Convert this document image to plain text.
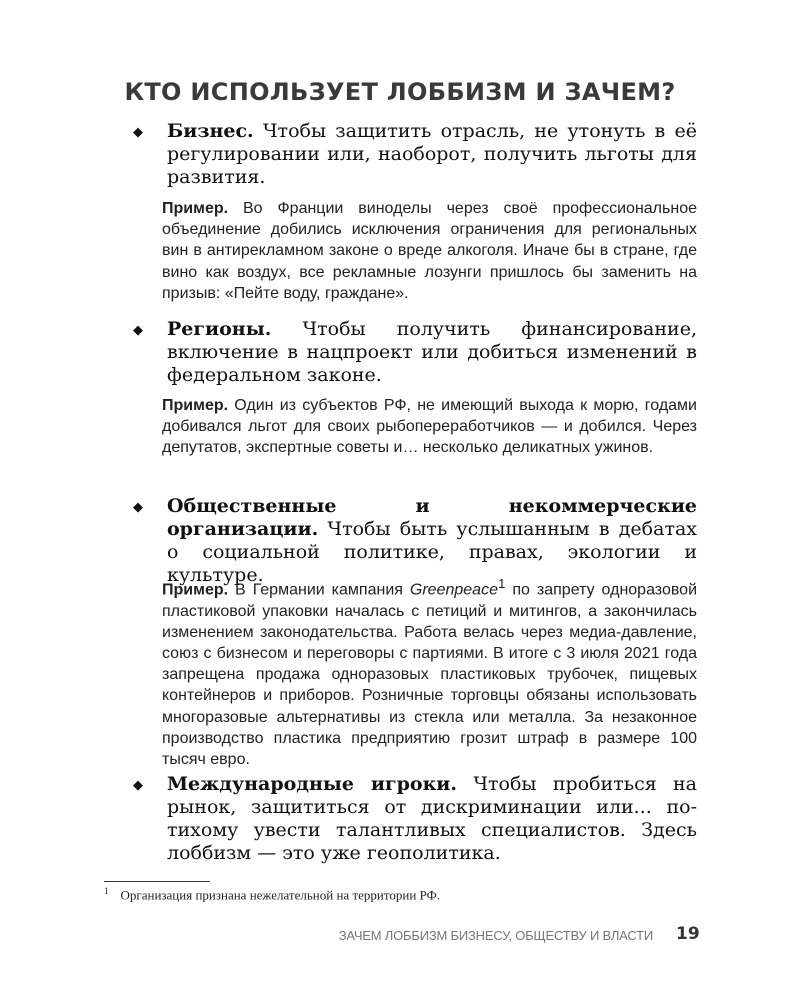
КТО ИСПОЛЬЗУЕТ ЛОББИЗМ И ЗАЧЕМ?
◆ Бизнес. Чтобы защитить отрасль, не утонуть в её регулировании или, наоборот, получить льготы для развития.

Пример. Во Франции виноделы через своё профессиональное объединение добились исключения ограничения для региональных вин в антирекламном законе о вреде алкоголя. Иначе бы в стране, где вино как воздух, все рекламные лозунги пришлось бы заменить на призыв: «Пейте воду, граждане».

◆ Регионы. Чтобы получить финансирование, включение в нацпроект или добиться изменений в федеральном законе.

Пример. Один из субъектов РФ, не имеющий выхода к морю, годами добивался льгот для своих рыбопереработчиков — и добился. Через депутатов, экспертные советы и… несколько деликатных ужинов.

◆ Общественные и некоммерческие организации. Чтобы быть услышанным в дебатах о социальной политике, правах, экологии и культуре.

Пример. В Германии кампания Greenpeace$^1$ по запрету одноразовой пластиковой упаковки началась с петиций и митингов, а закончилась изменением законодательства. Работа велась через медиа-давление, союз с бизнесом и переговоры с партиями. В итоге с 3 июля 2021 года запрещена продажа одноразовых пластиковых трубочек, пищевых контейнеров и приборов. Розничные торговцы обязаны использовать многоразовые альтернативы из стекла или металла. За незаконное производство пластика предприятию грозит штраф в размере 100 тысяч евро.

◆ Международные игроки. Чтобы пробиться на рынок, защититься от дискриминации или... по-тихому увести талантливых специалистов. Здесь лоббизм — это уже геополитика.

$^1$ Организация признана нежелательной на территории РФ.
ЗАЧЕМ ЛОББИЗМ БИЗНЕСУ, ОБЩЕСТВУ И ВЛАСТИ 19
